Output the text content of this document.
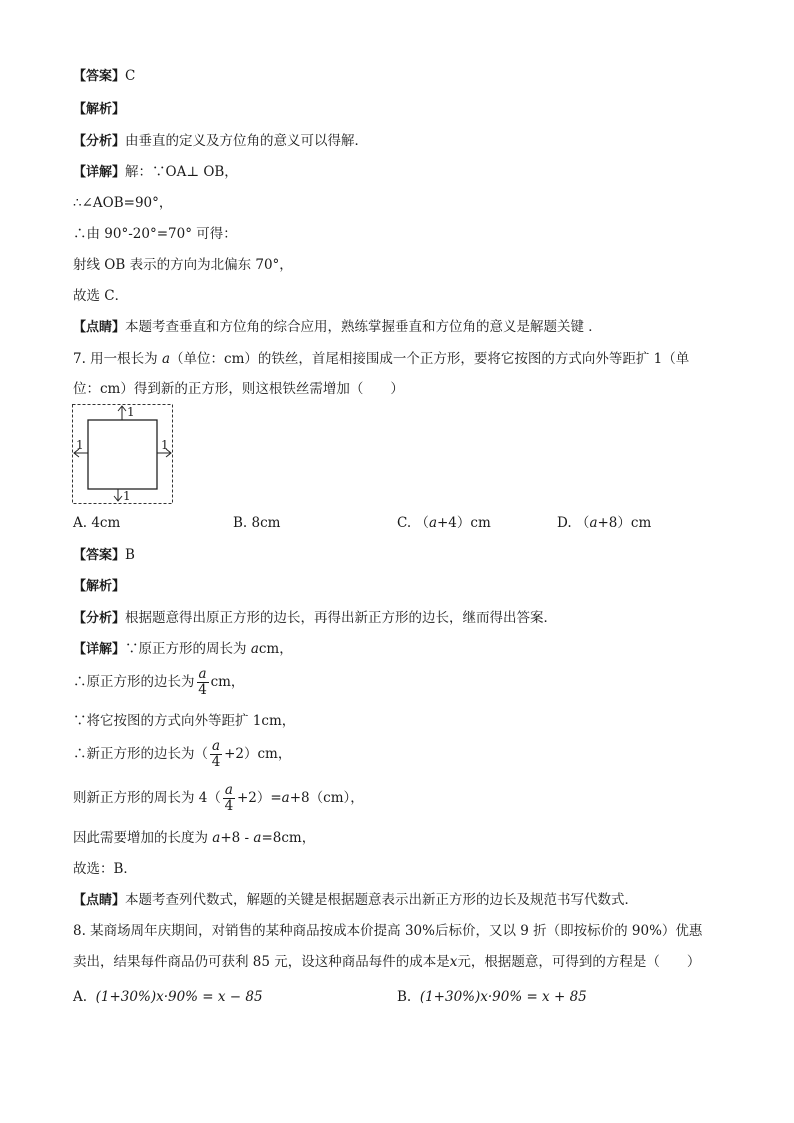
【答案】C
【解析】
【分析】由垂直的定义及方位角的意义可以得解．
【详解】解：∵OA⊥ OB，
∴∠AOB=90°，
∴由 90°-20°=70° 可得：
射线 OB 表示的方向为北偏东 70°，
故选 C．
【点睛】本题考查垂直和方位角的综合应用，熟练掌握垂直和方位角的意义是解题关键 ．
7. 用一根长为 a（单位：cm）的铁丝，首尾相接围成一个正方形，要将它按图的方式向外等距扩 1（单
位：cm）得到新的正方形，则这根铁丝需增加（　　）
1
1
1	1
A. 4cm	B. 8cm	C. （a+4）cm	D. （a+8）cm
【答案】B
【解析】
【分析】根据题意得出原正方形的边长，再得出新正方形的边长，继而得出答案．
【详解】∵原正方形的周长为 acm，
∴原正方形的边长为 $\frac{a}{4}$ cm，
∵将它按图的方式向外等距扩 1cm，
∴新正方形的边长为（ $\frac{a}{4} +2)cm$，
则新正方形的周长为 $4( \frac{a}{4} +2)=a+8(cm)$，
因此需要增加的长度为 a+8 - a=8cm，
故选：B．
【点睛】本题考查列代数式，解题的关键是根据题意表示出新正方形的边长及规范书写代数式．
8. 某商场周年庆期间，对销售的某种商品按成本价提高 30%后标价，又以 9 折（即按标价的 90%）优惠
卖出，结果每件商品仍可获利 85 元，设这种商品每件的成本是x元，根据题意，可得到的方程是（　　）
A. (1+30%)x·90% = x − 85	B. (1+30%)x·90% = x + 85
